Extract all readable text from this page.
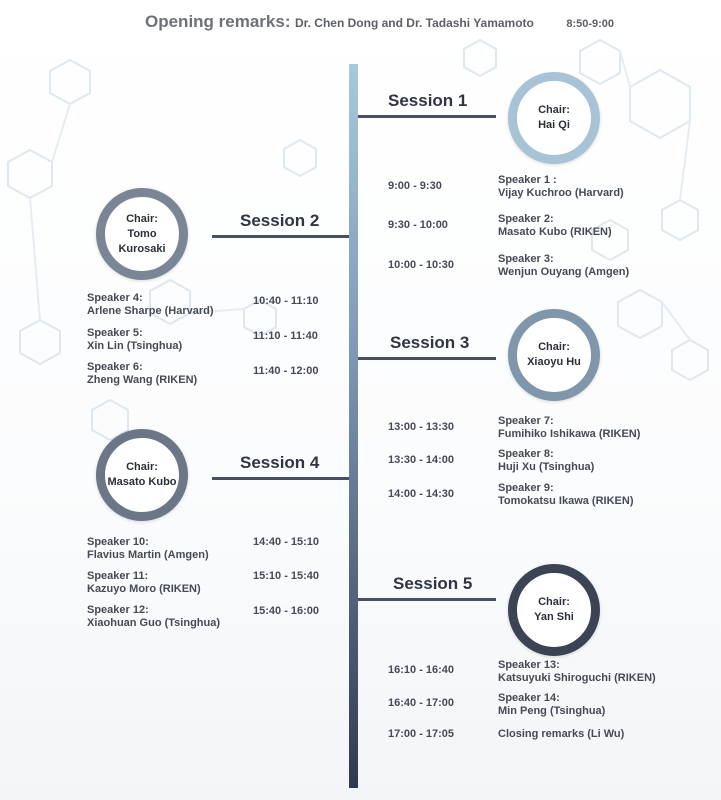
Opening remarks: Dr. Chen Dong and Dr. Tadashi Yamamoto	8:50-9:00
Session 1	Chair:
Hai Qi
9:00 - 9:30	Speaker 1 :
Vijay Kuchroo (Harvard)
9:30 - 10:00	Speaker 2:
Masato Kubo (RIKEN)
10:00 - 10:30	Speaker 3:
Wenjun Ouyang (Amgen)
Session 2
Chair:
Tomo Kurosaki
Speaker 4:
Arlene Sharpe (Harvard)
10:40 - 11:10
Speaker 5:
Xin Lin (Tsinghua)
11:10 - 11:40
Speaker 6:
Zheng Wang (RIKEN)
11:40 - 12:00
Session 3	Chair:
Xiaoyu Hu
13:00 - 13:30	Speaker 7:
Fumihiko Ishikawa (RIKEN)
13:30 - 14:00	Speaker 8:
Huji Xu (Tsinghua)
14:00 - 14:30	Speaker 9:
Tomokatsu Ikawa (RIKEN)
Session 4
Chair:
Masato Kubo
Speaker 10:
Flavius Martin (Amgen)
14:40 - 15:10
Speaker 11:
Kazuyo Moro (RIKEN)
15:10 - 15:40
Speaker 12:
Xiaohuan Guo (Tsinghua)
15:40 - 16:00
Session 5
Chair:
Yan Shi
16:10 - 16:40	Speaker 13:
Katsuyuki Shiroguchi (RIKEN)
16:40 - 17:00	Speaker 14:
Min Peng (Tsinghua)
17:00 - 17:05	Closing remarks (Li Wu)
